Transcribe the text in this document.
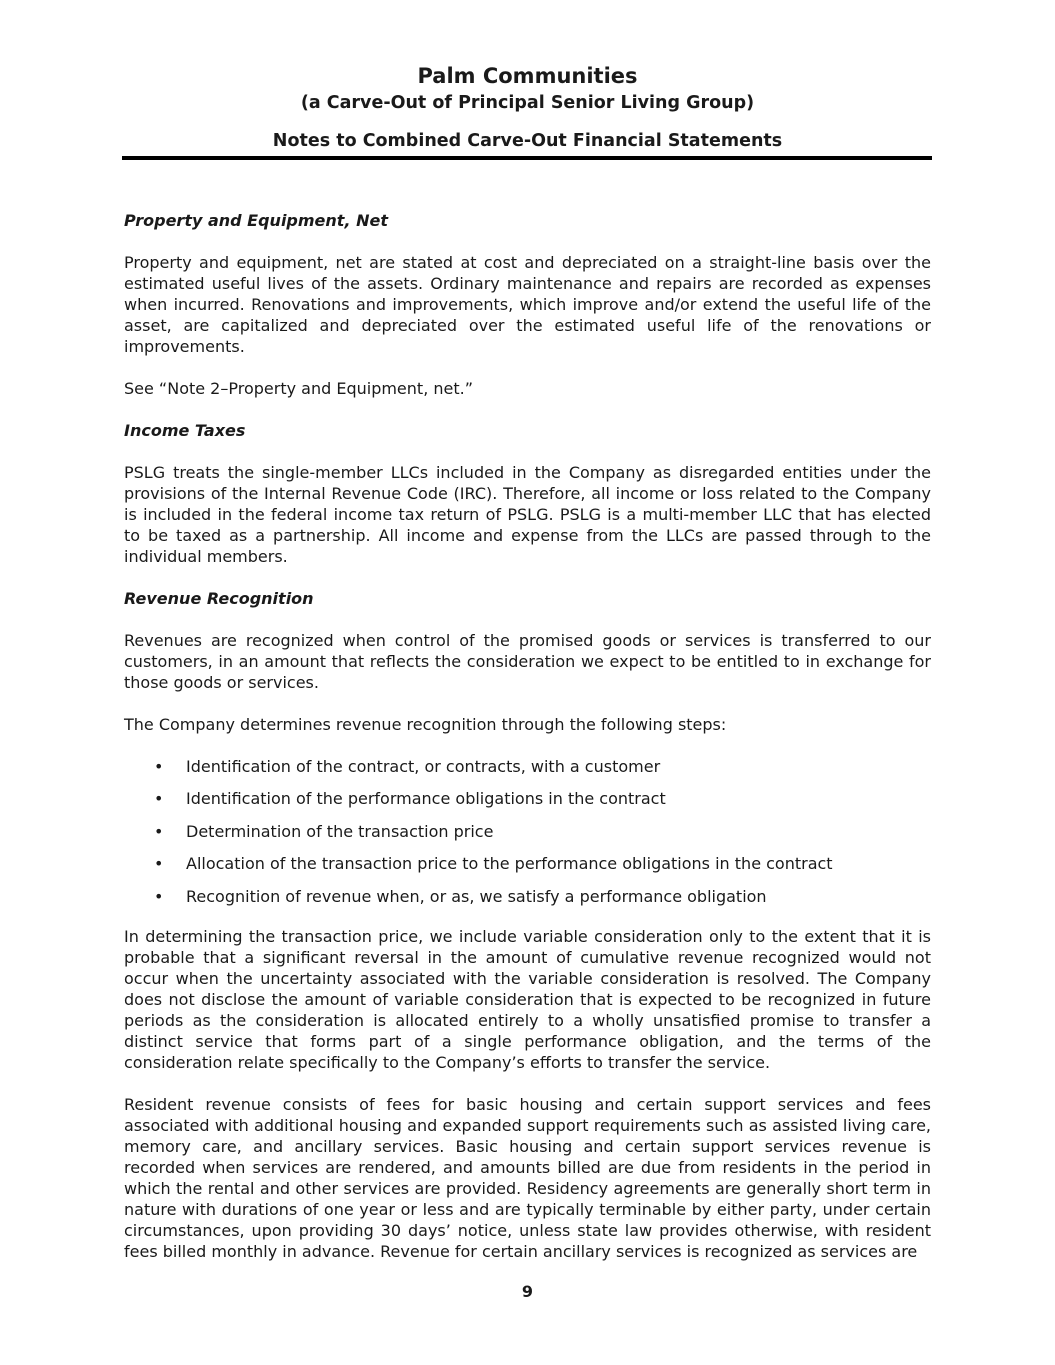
Palm Communities
(a Carve-Out of Principal Senior Living Group)
Notes to Combined Carve-Out Financial Statements
Property and Equipment, Net

Property and equipment, net are stated at cost and depreciated on a straight-line basis over the estimated useful lives of the assets. Ordinary maintenance and repairs are recorded as expenses when incurred. Renovations and improvements, which improve and/or extend the useful life of the asset, are capitalized and depreciated over the estimated useful life of the renovations or improvements.

See “Note 2–Property and Equipment, net.”

Income Taxes

PSLG treats the single-member LLCs included in the Company as disregarded entities under the provisions of the Internal Revenue Code (IRC). Therefore, all income or loss related to the Company is included in the federal income tax return of PSLG. PSLG is a multi-member LLC that has elected to be taxed as a partnership. All income and expense from the LLCs are passed through to the individual members.

Revenue Recognition

Revenues are recognized when control of the promised goods or services is transferred to our customers, in an amount that reflects the consideration we expect to be entitled to in exchange for those goods or services.

The Company determines revenue recognition through the following steps:

• Identification of the contract, or contracts, with a customer
• Identification of the performance obligations in the contract
• Determination of the transaction price
• Allocation of the transaction price to the performance obligations in the contract
• Recognition of revenue when, or as, we satisfy a performance obligation

In determining the transaction price, we include variable consideration only to the extent that it is probable that a significant reversal in the amount of cumulative revenue recognized would not occur when the uncertainty associated with the variable consideration is resolved. The Company does not disclose the amount of variable consideration that is expected to be recognized in future periods as the consideration is allocated entirely to a wholly unsatisfied promise to transfer a distinct service that forms part of a single performance obligation, and the terms of the consideration relate specifically to the Company’s efforts to transfer the service.

Resident revenue consists of fees for basic housing and certain support services and fees associated with additional housing and expanded support requirements such as assisted living care, memory care, and ancillary services. Basic housing and certain support services revenue is recorded when services are rendered, and amounts billed are due from residents in the period in which the rental and other services are provided. Residency agreements are generally short term in nature with durations of one year or less and are typically terminable by either party, under certain circumstances, upon providing 30 days’ notice, unless state law provides otherwise, with resident fees billed monthly in advance. Revenue for certain ancillary services is recognized as services are

9
